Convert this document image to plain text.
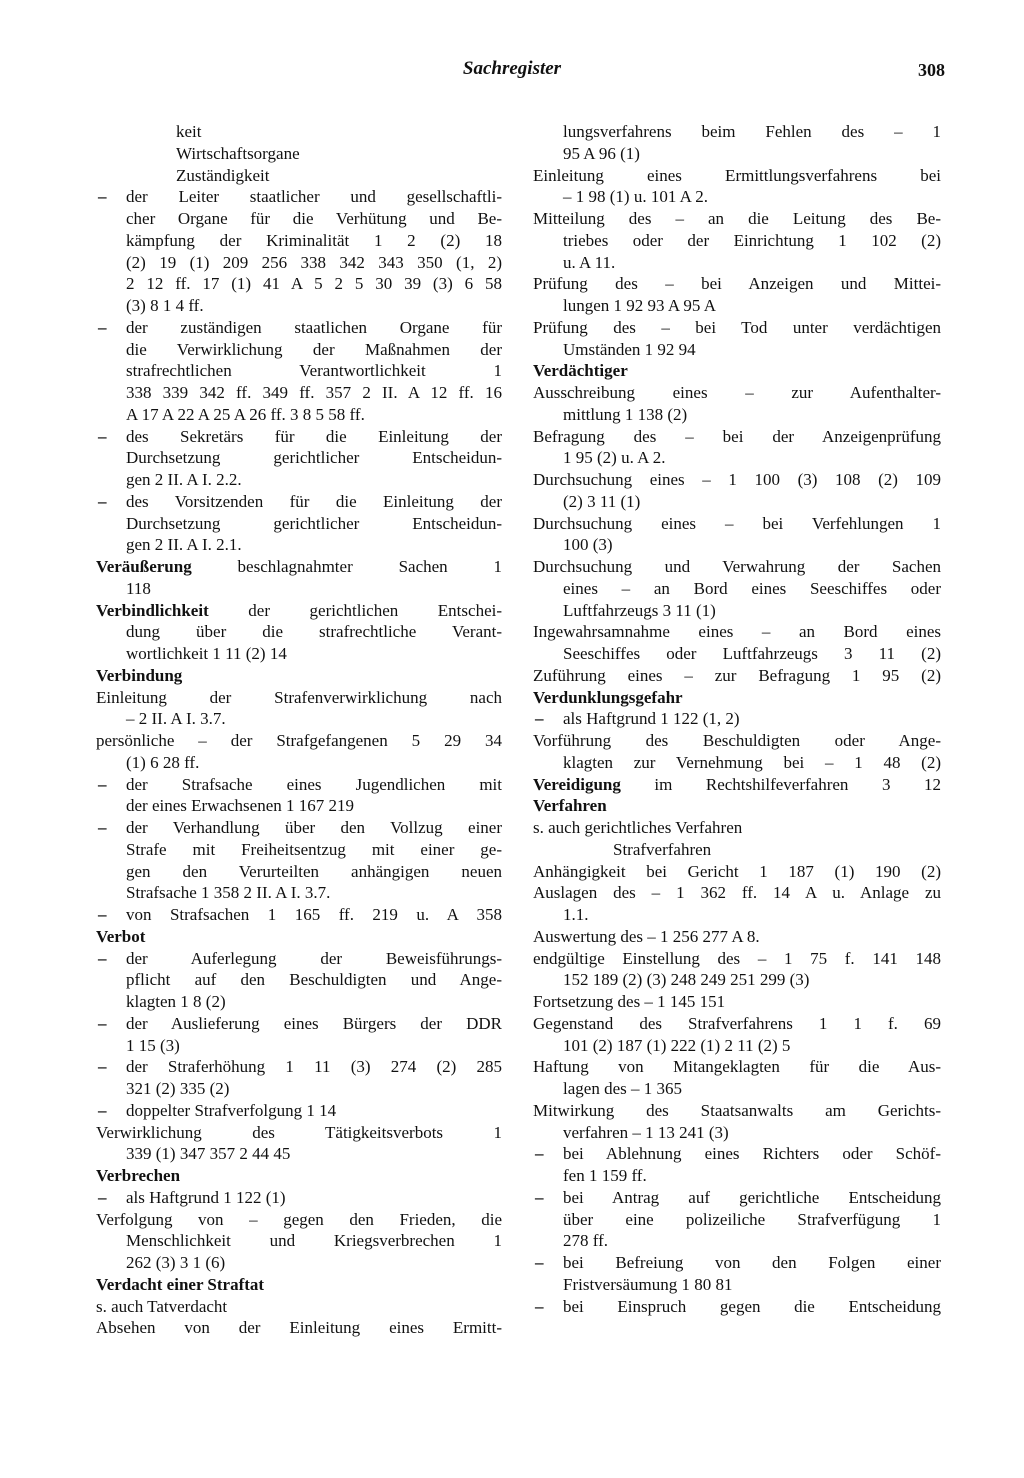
Sachregister	308
keit
Wirtschaftsorgane
Zuständigkeit
– der Leiter staatlicher und gesellschaftli-
cher Organe für die Verhütung und Be-
kämpfung der Kriminalität 1 2 (2) 18
(2) 19 (1) 209 256 338 342 343 350 (1, 2)
2 12 ff. 17 (1) 41 A 5 2 5 30 39 (3) 6 58
(3) 8 1 4 ff.
– der zuständigen staatlichen Organe für
die Verwirklichung der Maßnahmen der
strafrechtlichen Verantwortlichkeit 1
338 339 342 ff. 349 ff. 357 2 II. A 12 ff. 16
A 17 A 22 A 25 A 26 ff. 3 8 5 58 ff.
– des Sekretärs für die Einleitung der
Durchsetzung gerichtlicher Entscheidun-
gen 2 II. A I. 2.2.
– des Vorsitzenden für die Einleitung der
Durchsetzung gerichtlicher Entscheidun-
gen 2 II. A I. 2.1.
Veräußerung beschlagnahmter Sachen 1
118
Verbindlichkeit der gerichtlichen Entschei-
dung über die strafrechtliche Verant-
wortlichkeit 1 11 (2) 14
Verbindung
Einleitung der Strafenverwirklichung nach
– 2 II. A I. 3.7.
persönliche – der Strafgefangenen 5 29 34
(1) 6 28 ff.
– der Strafsache eines Jugendlichen mit
der eines Erwachsenen 1 167 219
– der Verhandlung über den Vollzug einer
Strafe mit Freiheitsentzug mit einer ge-
gen den Verurteilten anhängigen neuen
Strafsache 1 358 2 II. A I. 3.7.
– von Strafsachen 1 165 ff. 219 u. A 358
Verbot
– der Auferlegung der Beweisführungs-
pflicht auf den Beschuldigten und Ange-
klagten 1 8 (2)
– der Auslieferung eines Bürgers der DDR
1 15 (3)
– der Straferhöhung 1 11 (3) 274 (2) 285
321 (2) 335 (2)
– doppelter Strafverfolgung 1 14
Verwirklichung des Tätigkeitsverbots 1
339 (1) 347 357 2 44 45
Verbrechen
– als Haftgrund 1 122 (1)
Verfolgung von – gegen den Frieden, die
Menschlichkeit und Kriegsverbrechen 1
262 (3) 3 1 (6)
Verdacht einer Straftat
s. auch Tatverdacht
Absehen von der Einleitung eines Ermitt-
lungsverfahrens beim Fehlen des – 1
95 A 96 (1)
Einleitung eines Ermittlungsverfahrens bei
– 1 98 (1) u. 101 A 2.
Mitteilung des – an die Leitung des Be-
triebes oder der Einrichtung 1 102 (2)
u. A 11.
Prüfung des – bei Anzeigen und Mittei-
lungen 1 92 93 A 95 A
Prüfung des – bei Tod unter verdächtigen
Umständen 1 92 94
Verdächtiger
Ausschreibung eines – zur Aufenthalter-
mittlung 1 138 (2)
Befragung des – bei der Anzeigenprüfung
1 95 (2) u. A 2.
Durchsuchung eines – 1 100 (3) 108 (2) 109
(2) 3 11 (1)
Durchsuchung eines – bei Verfehlungen 1
100 (3)
Durchsuchung und Verwahrung der Sachen
eines – an Bord eines Seeschiffes oder
Luftfahrzeugs 3 11 (1)
Ingewahrsamnahme eines – an Bord eines
Seeschiffes oder Luftfahrzeugs 3 11 (2)
Zuführung eines – zur Befragung 1 95 (2)
Verdunklungsgefahr
– als Haftgrund 1 122 (1, 2)
Vorführung des Beschuldigten oder Ange-
klagten zur Vernehmung bei – 1 48 (2)
Vereidigung im Rechtshilfeverfahren 3 12
Verfahren
s. auch gerichtliches Verfahren
Strafverfahren
Anhängigkeit bei Gericht 1 187 (1) 190 (2)
Auslagen des – 1 362 ff. 14 A u. Anlage zu
1.1.
Auswertung des – 1 256 277 A 8.
endgültige Einstellung des – 1 75 f. 141 148
152 189 (2) (3) 248 249 251 299 (3)
Fortsetzung des – 1 145 151
Gegenstand des Strafverfahrens 1 1 f. 69
101 (2) 187 (1) 222 (1) 2 11 (2) 5
Haftung von Mitangeklagten für die Aus-
lagen des – 1 365
Mitwirkung des Staatsanwalts am Gerichts-
verfahren – 1 13 241 (3)
– bei Ablehnung eines Richters oder Schöf-
fen 1 159 ff.
– bei Antrag auf gerichtliche Entscheidung
über eine polizeiliche Strafverfügung 1
278 ff.
– bei Befreiung von den Folgen einer
Fristversäumung 1 80 81
– bei Einspruch gegen die Entscheidung
